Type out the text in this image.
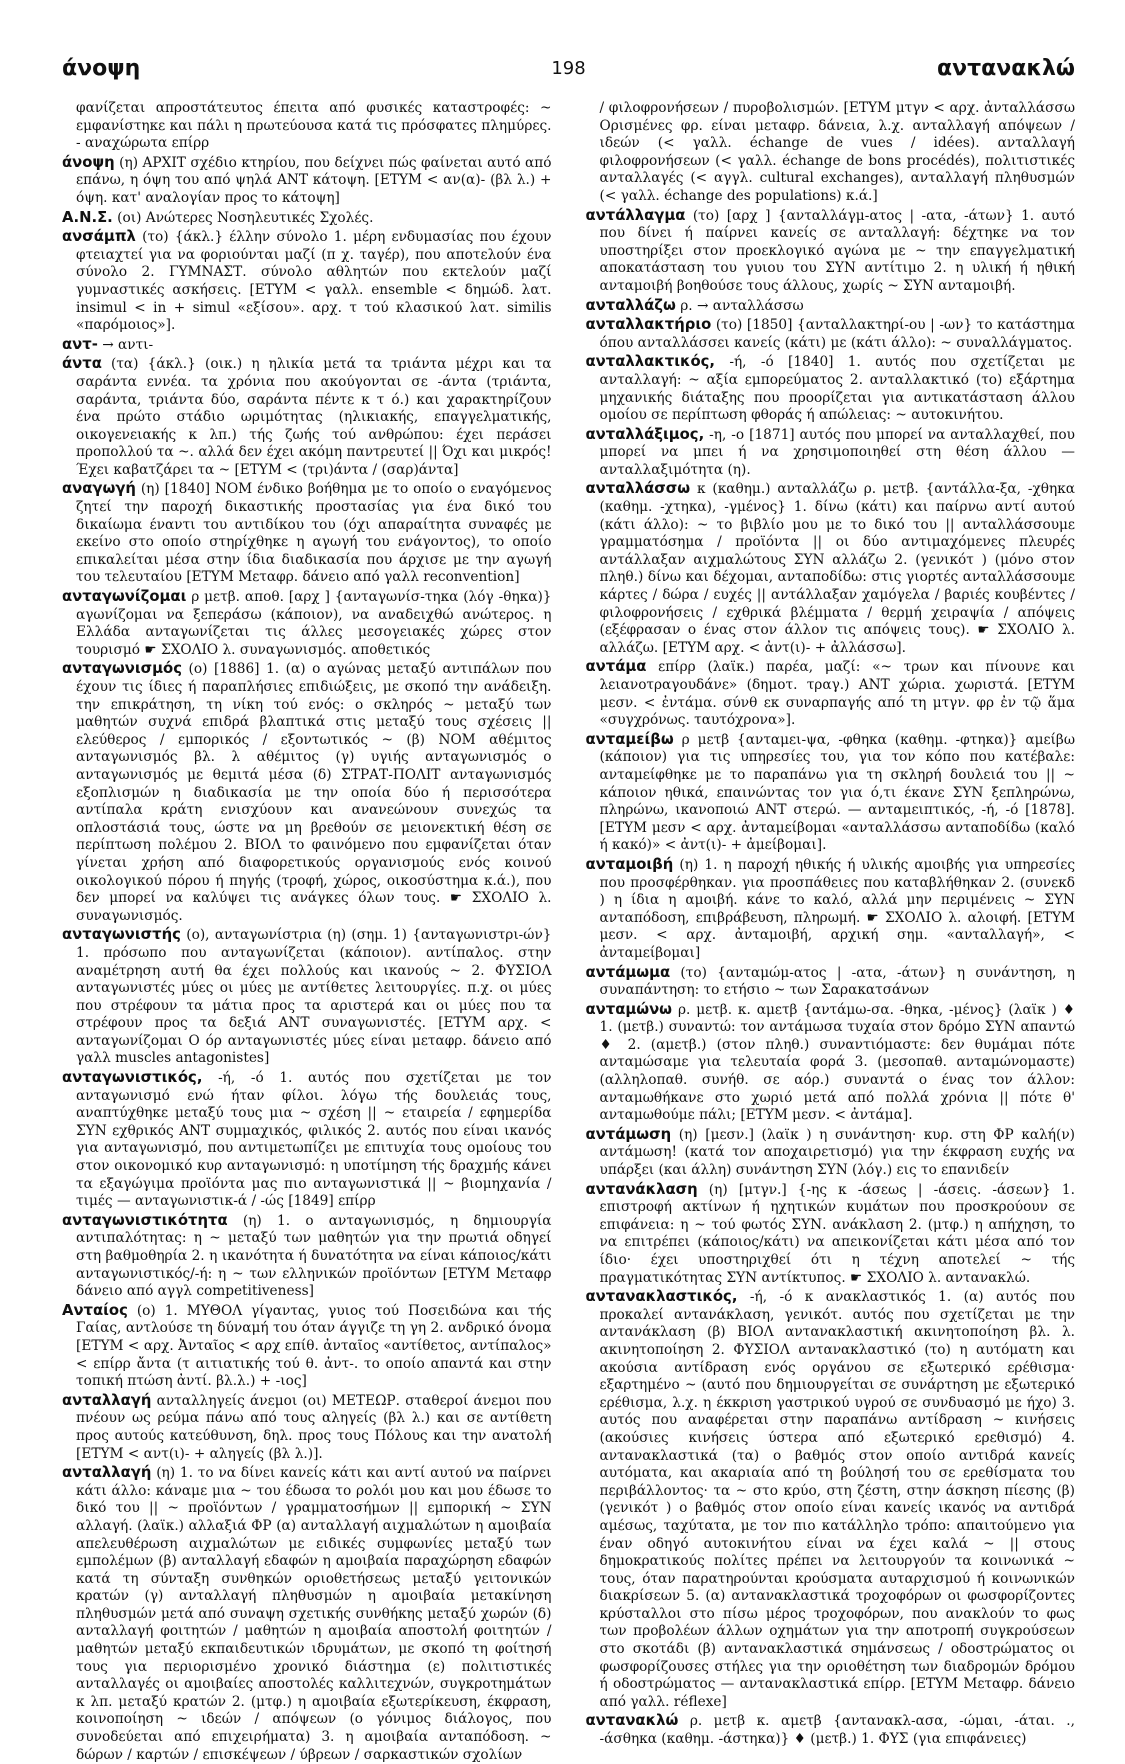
άνοψη	198	αντανακλώ

φανίζεται απροστάτευτος έπειτα από φυσικές καταστροφές: ~ εμφανίστηκε και πάλι η πρωτεύουσα κατά τις πρόσφατες πλημύρες. - αναχώρωτα επίρρ

άνοψη (η) ΑΡΧΙΤ σχέδιο κτηρίου, που δείχνει πώς φαίνεται αυτό από επάνω, η όψη του από ψηλά ΑΝΤ κάτοψη. [ΕΤΥΜ < αν(α)- (βλ λ.) + όψη. κατ' αναλογίαν προς το κάτοψη]

Α.Ν.Σ. (οι) Ανώτερες Νοσηλευτικές Σχολές.

ανσάμπλ (το) {άκλ.} έλλην σύνολο 1. μέρη ενδυμασίας που έχουν φτειαχτεί για να φοριούνται μαζί (π χ. ταγέρ), που αποτελούν ένα σύνολο 2. ΓΥΜΝΑΣΤ. σύνολο αθλητών που εκτελούν μαζί γυμναστικές ασκήσεις. [ΕΤΥΜ < γαλλ. ensemble < δημώδ. λατ. insimul < in + simul «εξίσου». αρχ. τ τού κλασικού λατ. similis «παρόμοιος»].

αντ- → αντι-

άντα (τα) {άκλ.} (οικ.) η ηλικία μετά τα τριάντα μέχρι και τα σαράντα εννέα. τα χρόνια που ακούγονται σε -άντα (τριάντα, σαράντα, τριάντα δύο, σαράντα πέντε κ τ ό.) και χαρακτηρίζουν ένα πρώτο στάδιο ωριμότητας (ηλικιακής, επαγγελματικής, οικογενειακής κ λπ.) τής ζωής τού ανθρώπου: έχει περάσει προπολλού τα ~. αλλά δεν έχει ακόμη παντρευτεί || Όχι και μικρός! Έχει καβατζάρει τα ~ [ΕΤΥΜ < (τρι)άντα / (σαρ)άντα]

αναγωγή (η) [1840] ΝΟΜ ένδικο βοήθημα με το οποίο ο εναγόμενος ζητεί την παροχή δικαστικής προστασίας για ένα δικό του δικαίωμα έναντι του αντιδίκου του (όχι απαραίτητα συναφές με εκείνο στο οποίο στηρίχθηκε η αγωγή του ενάγοντος), το οποίο επικαλείται μέσα στην ίδια διαδικασία που άρχισε με την αγωγή του τελευταίου [ΕΤΥΜ Μεταφρ. δάνειο από γαλλ reconvention]

ανταγωνίζομαι ρ μετβ. αποθ. [αρχ ] {ανταγωνίσ-τηκα (λόγ -θηκα)} αγωνίζομαι να ξεπεράσω (κάποιον), να αναδειχθώ ανώτερος. η Ελλάδα ανταγωνίζεται τις άλλες μεσογειακές χώρες στον τουρισμό ☛ ΣΧΟΛΙΟ λ. συναγωνισμός. αποθετικός

ανταγωνισμός (ο) [1886] 1. (α) ο αγώνας μεταξύ αντιπάλων που έχουν τις ίδιες ή παραπλήσιες επιδιώξεις, με σκοπό την ανάδειξη. την επικράτηση, τη νίκη τού ενός: ο σκληρός ~ μεταξύ των μαθητών συχνά επιδρά βλαπτικά στις μεταξύ τους σχέσεις || ελεύθερος / εμπορικός / εξοντωτικός ~ (β) ΝΟΜ αθέμιτος ανταγωνισμός βλ. λ αθέμιτος (γ) υγιής ανταγωνισμός ο ανταγωνισμός με θεμιτά μέσα (δ) ΣΤΡΑΤ-ΠΟΛΙΤ ανταγωνισμός εξοπλισμών η διαδικασία με την οποία δύο ή περισσότερα αντίπαλα κράτη ενισχύουν και ανανεώνουν συνεχώς τα οπλοστάσιά τους, ώστε να μη βρεθούν σε μειονεκτική θέση σε περίπτωση πολέμου 2. ΒΙΟΛ το φαινόμενο που εμφανίζεται όταν γίνεται χρήση από διαφορετικούς οργανισμούς ενός κοινού οικολογικού πόρου ή πηγής (τροφή, χώρος, οικοσύστημα κ.ά.), που δεν μπορεί να καλύψει τις ανάγκες όλων τους. ☛ ΣΧΟΛΙΟ λ. συναγωνισμός.

ανταγωνιστής (ο), ανταγωνίστρια (η) (σημ. 1) {ανταγωνιστρι-ών} 1. πρόσωπο που ανταγωνίζεται (κάποιον). αντίπαλος. στην αναμέτρηση αυτή θα έχει πολλούς και ικανούς ~ 2. ΦΥΣΙΟΛ ανταγωνιστές μύες οι μύες με αντίθετες λειτουργίες. π.χ. οι μύες που στρέφουν τα μάτια προς τα αριστερά και οι μύες που τα στρέφουν προς τα δεξιά ΑΝΤ συναγωνιστές. [ΕΤΥΜ αρχ. < ανταγωνίζομαι Ο όρ ανταγωνιστές μύες είναι μεταφρ. δάνειο από γαλλ muscles antagonistes]

ανταγωνιστικός, -ή, -ό 1. αυτός που σχετίζεται με τον ανταγωνισμό ενώ ήταν φίλοι. λόγω τής δουλειάς τους, αναπτύχθηκε μεταξύ τους μια ~ σχέση || ~ εταιρεία / εφημερίδα ΣΥΝ εχθρικός ΑΝΤ συμμαχικός, φιλικός 2. αυτός που είναι ικανός για ανταγωνισμό, που αντιμετωπίζει με επιτυχία τους ομοίους του στον οικονομικό κυρ ανταγωνισμό: η υποτίμηση τής δραχμής κάνει τα εξαγώγιμα προϊόντα μας πιο ανταγωνιστικά || ~ βιομηχανία / τιμές — ανταγωνιστικ-ά / -ώς [1849] επίρρ

ανταγωνιστικότητα (η) 1. ο ανταγωνισμός, η δημιουργία αντιπαλότητας: η ~ μεταξύ των μαθητών για την πρωτιά οδηγεί στη βαθμοθηρία 2. η ικανότητα ή δυνατότητα να είναι κάποιος/κάτι ανταγωνιστικός/-ή: η ~ των ελληνικών προϊόντων [ΕΤΥΜ Μεταφρ δάνειο από αγγλ competitiveness]

Ανταίος (ο) 1. ΜΥΘΟΛ γίγαντας, γυιος τού Ποσειδώνα και τής Γαίας, αντλούσε τη δύναμή του όταν άγγιζε τη γη 2. ανδρικό όνομα [ΕΤΥΜ < αρχ. Ἀνταῖος < αρχ επίθ. ἀνταῖος «αντίθετος, αντίπαλος» < επίρρ ἄντα (τ αιτιατικής τού θ. ἀντ-. το οποίο απαντά και στην τοπική πτώση ἀντί. βλ.λ.) + -ιος]

ανταλλαγή ανταλληγείς άνεμοι (οι) ΜΕΤΕΩΡ. σταθεροί άνεμοι που πνέουν ως ρεύμα πάνω από τους αληγείς (βλ λ.) και σε αντίθετη προς αυτούς κατεύθυνση, δηλ. προς τους Πόλους και την ανατολή [ΕΤΥΜ < αντ(ι)- + αληγείς (βλ λ.)].

ανταλλαγή (η) 1. το να δίνει κανείς κάτι και αντί αυτού να παίρνει κάτι άλλο: κάναμε μια ~ του έδωσα το ρολόι μου και μου έδωσε το δικό του || ~ προϊόντων / γραμματοσήμων || εμπορική ~ ΣΥΝ αλλαγή. (λαϊκ.) αλλαξιά ΦΡ (α) ανταλλαγή αιχμαλώτων η αμοιβαία απελευθέρωση αιχμαλώτων με ειδικές συμφωνίες μεταξύ των εμπολέμων (β) ανταλλαγή εδαφών η αμοιβαία παραχώρηση εδαφών κατά τη σύνταξη συνθηκών οριοθετήσεως μεταξύ γειτονικών κρατών (γ) ανταλλαγή πληθυσμών η αμοιβαία μετακίνηση πληθυσμών μετά από συναψη σχετικής συνθήκης μεταξύ χωρών (δ) ανταλλαγή φοιτητών / μαθητών η αμοιβαία αποστολή φοιτητών / μαθητών μεταξύ εκπαιδευτικών ιδρυμάτων, με σκοπό τη φοίτησή τους για περιορισμένο χρονικό διάστημα (ε) πολιτιστικές ανταλλαγές οι αμοιβαίες αποστολές καλλιτεχνών, συγκροτημάτων κ λπ. μεταξύ κρατών 2. (μτφ.) η αμοιβαία εξωτερίκευση, έκφραση, κοινοποίηση ~ ιδεών / απόψεων (ο γόνιμος διάλογος, που συνοδεύεται από επιχειρήματα) 3. η αμοιβαία ανταπόδοση. ~ δώρων / καρτών / επισκέψεων / ύβρεων / σαρκαστικών σχολίων

/ φιλοφρονήσεων / πυροβολισμών. [ΕΤΥΜ μτγν < αρχ. ἀνταλλάσσω Ορισμένες φρ. είναι μεταφρ. δάνεια, λ.χ. ανταλλαγή απόψεων / ιδεών (< γαλλ. échange de vues / idées). ανταλλαγή φιλοφρονήσεων (< γαλλ. échange de bons procédés), πολιτιστικές ανταλλαγές (< αγγλ. cultural exchanges), ανταλλαγή πληθυσμών (< γαλλ. échange des populations) κ.ά.]

αντάλλαγμα (το) [αρχ ] {ανταλλάγμ-ατος | -ατα, -άτων} 1. αυτό που δίνει ή παίρνει κανείς σε ανταλλαγή: δέχτηκε να τον υποστηρίξει στον προεκλογικό αγώνα με ~ την επαγγελματική αποκατάσταση του γυιου του ΣΥΝ αντίτιμο 2. η υλική ή ηθική ανταμοιβή βοηθούσε τους άλλους, χωρίς ~ ΣΥΝ ανταμοιβή.

ανταλλάζω ρ. → ανταλλάσσω

ανταλλακτήριο (το) [1850] {ανταλλακτηρί-ου | -ων} το κατάστημα όπου ανταλλάσσει κανείς (κάτι) με (κάτι άλλο): ~ συναλλάγματος.

ανταλλακτικός, -ή, -ό [1840] 1. αυτός που σχετίζεται με ανταλλαγή: ~ αξία εμπορεύματος 2. ανταλλακτικό (το) εξάρτημα μηχανικής διάταξης που προορίζεται για αντικατάσταση άλλου ομοίου σε περίπτωση φθοράς ή απώλειας: ~ αυτοκινήτου.

ανταλλάξιμος, -η, -ο [1871] αυτός που μπορεί να ανταλλαχθεί, που μπορεί να μπει ή να χρησιμοποιηθεί στη θέση άλλου — ανταλλαξιμότητα (η).

ανταλλάσσω κ (καθημ.) ανταλλάζω ρ. μετβ. {αντάλλα-ξα, -χθηκα (καθημ. -χτηκα), -γμένος} 1. δίνω (κάτι) και παίρνω αντί αυτού (κάτι άλλο): ~ το βιβλίο μου με το δικό του || ανταλλάσσουμε γραμματόσημα / προϊόντα || οι δύο αντιμαχόμενες πλευρές αντάλλαξαν αιχμαλώτους ΣΥΝ αλλάζω 2. (γενικότ ) (μόνο στον πληθ.) δίνω και δέχομαι, ανταποδίδω: στις γιορτές ανταλλάσσουμε κάρτες / δώρα / ευχές || αντάλλαξαν χαμόγελα / βαριές κουβέντες / φιλοφρονήσεις / εχθρικά βλέμματα / θερμή χειραψία / απόψεις (εξέφρασαν ο ένας στον άλλον τις απόψεις τους). ☛ ΣΧΟΛΙΟ λ. αλλάζω. [ΕΤΥΜ αρχ. < ἀντ(ι)- + ἀλλάσσω].

αντάμα επίρρ (λαϊκ.) παρέα, μαζί: «~ τρων και πίνουνε και λειανοτραγουδάνε» (δημοτ. τραγ.) ΑΝΤ χώρια. χωριστά. [ΕΤΥΜ μεσν. < ἐντάμα. σύνθ εκ συναρπαγής από τη μτγν. φρ ἐν τῷ ἅμα «συγχρόνως. ταυτόχρονα»].

ανταμείβω ρ μετβ {ανταμει-ψα, -φθηκα (καθημ. -φτηκα)} αμείβω (κάποιον) για τις υπηρεσίες του, για τον κόπο που κατέβαλε: ανταμείφθηκε με το παραπάνω για τη σκληρή δουλειά του || ~ κάποιον ηθικά, επαινώντας τον για ό,τι έκανε ΣΥΝ ξεπληρώνω, πληρώνω, ικανοποιώ ΑΝΤ στερώ. — ανταμειπτικός, -ή, -ό [1878]. [ΕΤΥΜ μεσν < αρχ. ἀνταμείβομαι «ανταλλάσσω ανταποδίδω (καλό ή κακό)» < ἀντ(ι)- + ἀμείβομαι].

ανταμοιβή (η) 1. η παροχή ηθικής ή υλικής αμοιβής για υπηρεσίες που προσφέρθηκαν. για προσπάθειες που καταβλήθηκαν 2. (συνεκδ ) η ίδια η αμοιβή. κάνε το καλό, αλλά μην περιμένεις ~ ΣΥΝ ανταπόδοση, επιβράβευση, πληρωμή. ☛ ΣΧΟΛΙΟ λ. αλοιφή. [ΕΤΥΜ μεσν. < αρχ. ἀνταμοιβή, αρχική σημ. «ανταλλαγή», < ἀνταμείβομαι]

αντάμωμα (το) {ανταμώμ-ατος | -ατα, -άτων} η συνάντηση, η συναπάντηση: το ετήσιο ~ των Σαρακατσάνων

ανταμώνω ρ. μετβ. κ. αμετβ {αντάμω-σα. -θηκα, -μένος} (λαϊκ ) ♦ 1. (μετβ.) συναντώ: τον αντάμωσα τυχαία στον δρόμο ΣΥΝ απαντώ ♦ 2. (αμετβ.) (στον πληθ.) συναντιόμαστε: δεν θυμάμαι πότε ανταμώσαμε για τελευταία φορά 3. (μεσοπαθ. ανταμώνομαστε) (αλληλοπαθ. συνήθ. σε αόρ.) συναντά ο ένας τον άλλον: ανταμωθήκανε στο χωριό μετά από πολλά χρόνια || πότε θ' ανταμωθούμε πάλι; [ΕΤΥΜ μεσν. < ἀντάμα].

αντάμωση (η) [μεσν.] (λαϊκ ) η συνάντηση· κυρ. στη ΦΡ καλή(ν) αντάμωση! (κατά τον αποχαιρετισμό) για την έκφραση ευχής να υπάρξει (και άλλη) συνάντηση ΣΥΝ (λόγ.) εις το επανιδείν

αντανάκλαση (η) [μτγν.] {-ης κ -άσεως | -άσεις. -άσεων} 1. επιστροφή ακτίνων ή ηχητικών κυμάτων που προσκρούουν σε επιφάνεια: η ~ τού φωτός ΣΥΝ. ανάκλαση 2. (μτφ.) η απήχηση, το να επιτρέπει (κάποιος/κάτι) να απεικονίζεται κάτι μέσα από τον ίδιο· έχει υποστηριχθεί ότι η τέχνη αποτελεί ~ τής πραγματικότητας ΣΥΝ αντίκτυπος. ☛ ΣΧΟΛΙΟ λ. αντανακλώ.

αντανακλαστικός, -ή, -ό κ ανακλαστικός 1. (α) αυτός που προκαλεί αντανάκλαση, γενικότ. αυτός που σχετίζεται με την αντανάκλαση (β) ΒΙΟΛ αντανακλαστική ακινητοποίηση βλ. λ. ακινητοποίηση 2. ΦΥΣΙΟΛ αντανακλαστικό (το) η αυτόματη και ακούσια αντίδραση ενός οργάνου σε εξωτερικό ερέθισμα· εξαρτημένο ~ (αυτό που δημιουργείται σε συνάρτηση με εξωτερικό ερέθισμα, λ.χ. η έκκριση γαστρικού υγρού σε συνδυασμό με ήχο) 3. αυτός που αναφέρεται στην παραπάνω αντίδραση ~ κινήσεις (ακούσιες κινήσεις ύστερα από εξωτερικό ερεθισμό) 4. αντανακλαστικά (τα) ο βαθμός στον οποίο αντιδρά κανείς αυτόματα, και ακαριαία από τη βούλησή του σε ερεθίσματα του περιβάλλοντος· τα ~ στο κρύο, στη ζέστη, στην άσκηση πίεσης (β) (γενικότ ) ο βαθμός στον οποίο είναι κανείς ικανός να αντιδρά αμέσως, ταχύτατα, με τον πιο κατάλληλο τρόπο: απαιτούμενο για έναν οδηγό αυτοκινήτου είναι να έχει καλά ~ || στους δημοκρατικούς πολίτες πρέπει να λειτουργούν τα κοινωνικά ~ τους, όταν παρατηρούνται κρούσματα αυταρχισμού ή κοινωνικών διακρίσεων 5. (α) αντανακλαστικά τροχοφόρων οι φωσφορίζοντες κρύσταλλοι στο πίσω μέρος τροχοφόρων, που ανακλούν το φως των προβολέων άλλων οχημάτων για την αποτροπή συγκρούσεων στο σκοτάδι (β) αντανακλαστικά σημάνσεως / οδοστρώματος οι φωσφορίζουσες στήλες για την οριοθέτηση των διαδρομών δρόμου ή οδοστρώματος — αντανακλαστικά επίρρ. [ΕΤΥΜ Μεταφρ. δάνειο από γαλλ. réflexe]

αντανακλώ ρ. μετβ κ. αμετβ {αντανακλ-ασα, -ώμαι, -άται. ., -άσθηκα (καθημ. -άστηκα)} ♦ (μετβ.) 1. ΦΥΣ (για επιφάνειες)
